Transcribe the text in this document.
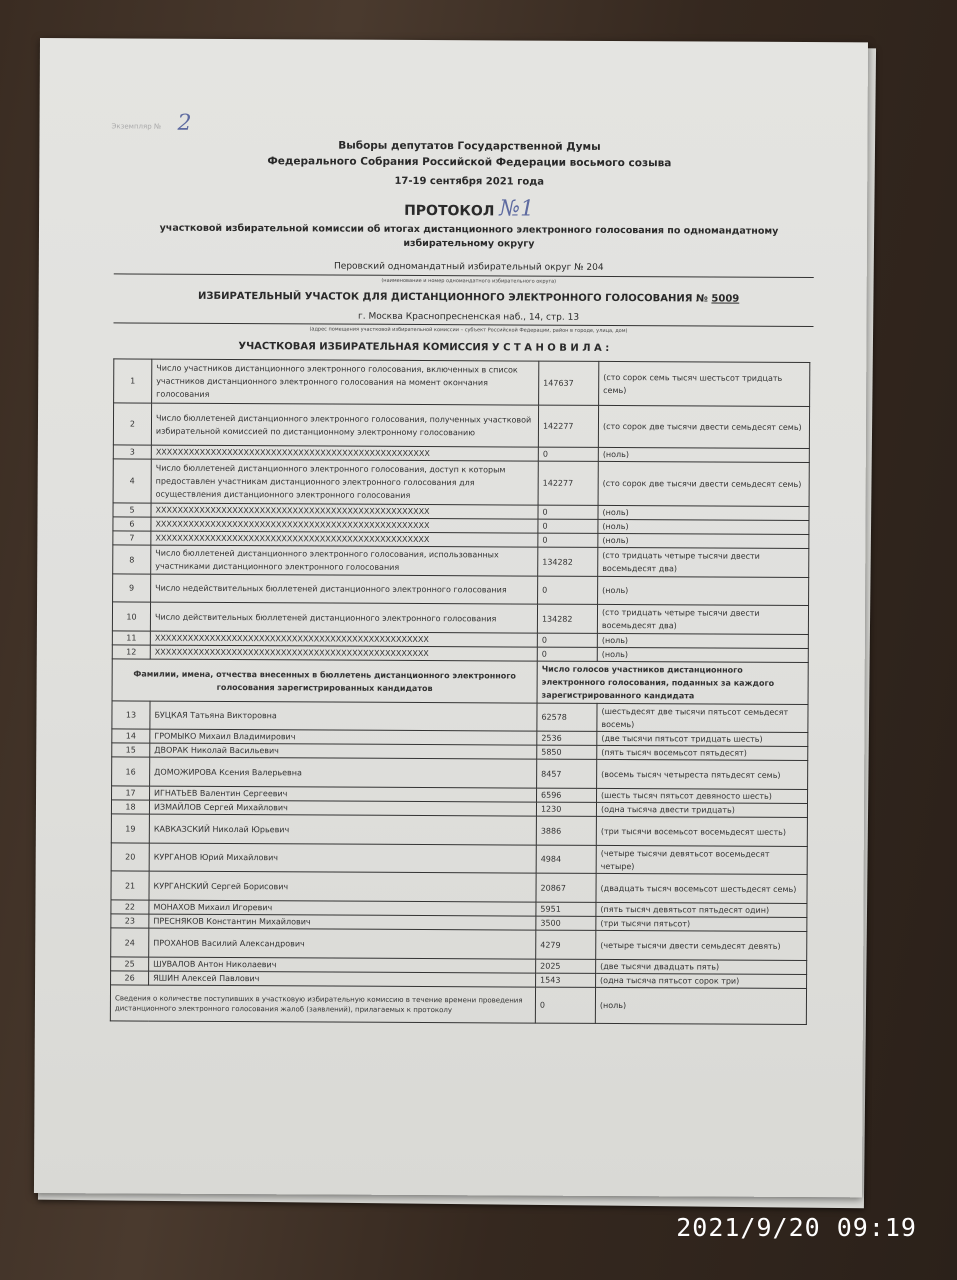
Экземпляр № 2
Выборы депутатов Государственной Думы
Федерального Собрания Российской Федерации восьмого созыва
17-19 сентября 2021 года
ПРОТОКОЛ №1
участковой избирательной комиссии об итогах дистанционного электронного голосования по одномандатному
избирательному округу
Перовский одномандатный избирательный округ № 204
(наименование и номер одномандатного избирательного округа)
ИЗБИРАТЕЛЬНЫЙ УЧАСТОК ДЛЯ ДИСТАНЦИОННОГО ЭЛЕКТРОННОГО ГОЛОСОВАНИЯ № 5009
г. Москва Краснопресненская наб., 14, стр. 13
(адрес помещения участковой избирательной комиссии – субъект Российской Федерации, район в городе, улица, дом)
УЧАСТКОВАЯ ИЗБИРАТЕЛЬНАЯ КОМИССИЯ У С Т А Н О В И Л А :
1	Число участников дистанционного электронного голосования, включенных в список участников дистанционного электронного голосования на момент окончания голосования	147637	(сто сорок семь тысяч шестьсот тридцать семь)
2	Число бюллетеней дистанционного электронного голосования, полученных участковой избирательной комиссией по дистанционному электронному голосованию	142277	(сто сорок две тысячи двести семьдесят семь)
3	XXXXXXXXXXXXXXXXXXXXXXXXXXXXXXXXXXXXXXXXXXXXXXXXXX	0	(ноль)
4	Число бюллетеней дистанционного электронного голосования, доступ к которым предоставлен участникам дистанционного электронного голосования для осуществления дистанционного электронного голосования	142277	(сто сорок две тысячи двести семьдесят семь)
5	XXXXXXXXXXXXXXXXXXXXXXXXXXXXXXXXXXXXXXXXXXXXXXXXXX	0	(ноль)
6	XXXXXXXXXXXXXXXXXXXXXXXXXXXXXXXXXXXXXXXXXXXXXXXXXX	0	(ноль)
7	XXXXXXXXXXXXXXXXXXXXXXXXXXXXXXXXXXXXXXXXXXXXXXXXXX	0	(ноль)
8	Число бюллетеней дистанционного электронного голосования, использованных участниками дистанционного электронного голосования	134282	(сто тридцать четыре тысячи двести восемьдесят два)
9	Число недействительных бюллетеней дистанционного электронного голосования	0	(ноль)
10	Число действительных бюллетеней дистанционного электронного голосования	134282	(сто тридцать четыре тысячи двести восемьдесят два)
11	XXXXXXXXXXXXXXXXXXXXXXXXXXXXXXXXXXXXXXXXXXXXXXXXXX	0	(ноль)
12	XXXXXXXXXXXXXXXXXXXXXXXXXXXXXXXXXXXXXXXXXXXXXXXXXX	0	(ноль)
Фамилии, имена, отчества внесенных в бюллетень дистанционного электронного голосования зарегистрированных кандидатов		Число голосов участников дистанционного электронного голосования, поданных за каждого зарегистрированного кандидата	
13	БУЦКАЯ Татьяна Викторовна	62578	(шестьдесят две тысячи пятьсот семьдесят восемь)
14	ГРОМЫКО Михаил Владимирович	2536	(две тысячи пятьсот тридцать шесть)
15	ДВОРАК Николай Васильевич	5850	(пять тысяч восемьсот пятьдесят)
16	ДОМОЖИРОВА Ксения Валерьевна	8457	(восемь тысяч четыреста пятьдесят семь)
17	ИГНАТЬЕВ Валентин Сергеевич	6596	(шесть тысяч пятьсот девяносто шесть)
18	ИЗМАЙЛОВ Сергей Михайлович	1230	(одна тысяча двести тридцать)
19	КАВКАЗСКИЙ Николай Юрьевич	3886	(три тысячи восемьсот восемьдесят шесть)
20	КУРГАНОВ Юрий Михайлович	4984	(четыре тысячи девятьсот восемьдесят четыре)
21	КУРГАНСКИЙ Сергей Борисович	20867	(двадцать тысяч восемьсот шестьдесят семь)
22	МОНАХОВ Михаил Игоревич	5951	(пять тысяч девятьсот пятьдесят один)
23	ПРЕСНЯКОВ Константин Михайлович	3500	(три тысячи пятьсот)
24	ПРОХАНОВ Василий Александрович	4279	(четыре тысячи двести семьдесят девять)
25	ШУВАЛОВ Антон Николаевич	2025	(две тысячи двадцать пять)
26	ЯШИН Алексей Павлович	1543	(одна тысяча пятьсот сорок три)
Сведения о количестве поступивших в участковую избирательную комиссию в течение времени проведения дистанционного электронного голосования жалоб (заявлений), прилагаемых к протоколу		0	(ноль)
2021/9/20 09:19
